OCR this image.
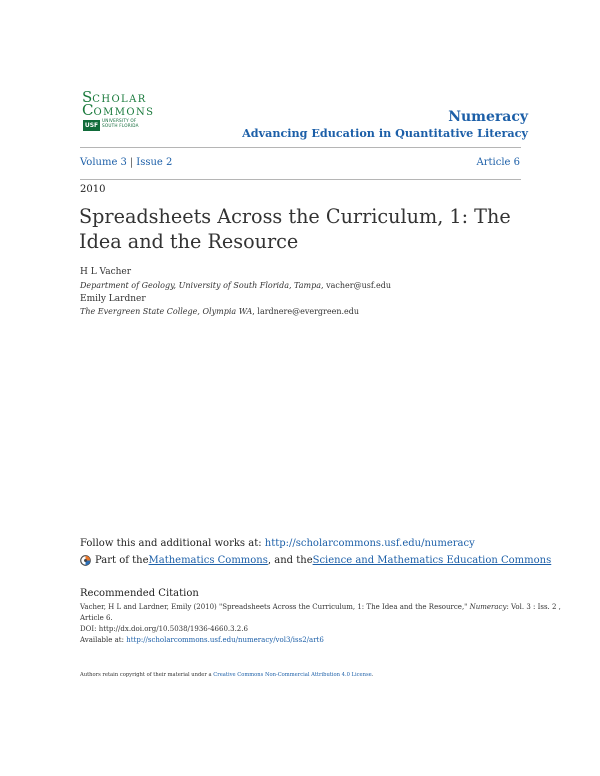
SCHOLAR
COMMONS
USF
UNIVERSITY OF
SOUTH FLORIDA
Numeracy
Advancing Education in Quantitative Literacy
Volume 3 | Issue 2	Article 6
2010
Spreadsheets Across the Curriculum, 1: The Idea and the Resource
H L Vacher
Department of Geology, University of South Florida, Tampa, vacher@usf.edu
Emily Lardner
The Evergreen State College, Olympia WA, lardnere@evergreen.edu
Follow this and additional works at: http://scholarcommons.usf.edu/numeracy
Part of the Mathematics Commons , and the Science and Mathematics Education Commons
Recommended Citation
Vacher, H L and Lardner, Emily (2010) "Spreadsheets Across the Curriculum, 1: The Idea and the Resource," Numeracy: Vol. 3 : Iss. 2 ,
Article 6.
DOI: http://dx.doi.org/10.5038/1936-4660.3.2.6
Available at: http://scholarcommons.usf.edu/numeracy/vol3/iss2/art6
Authors retain copyright of their material under a Creative Commons Non-Commercial Attribution 4.0 License.
